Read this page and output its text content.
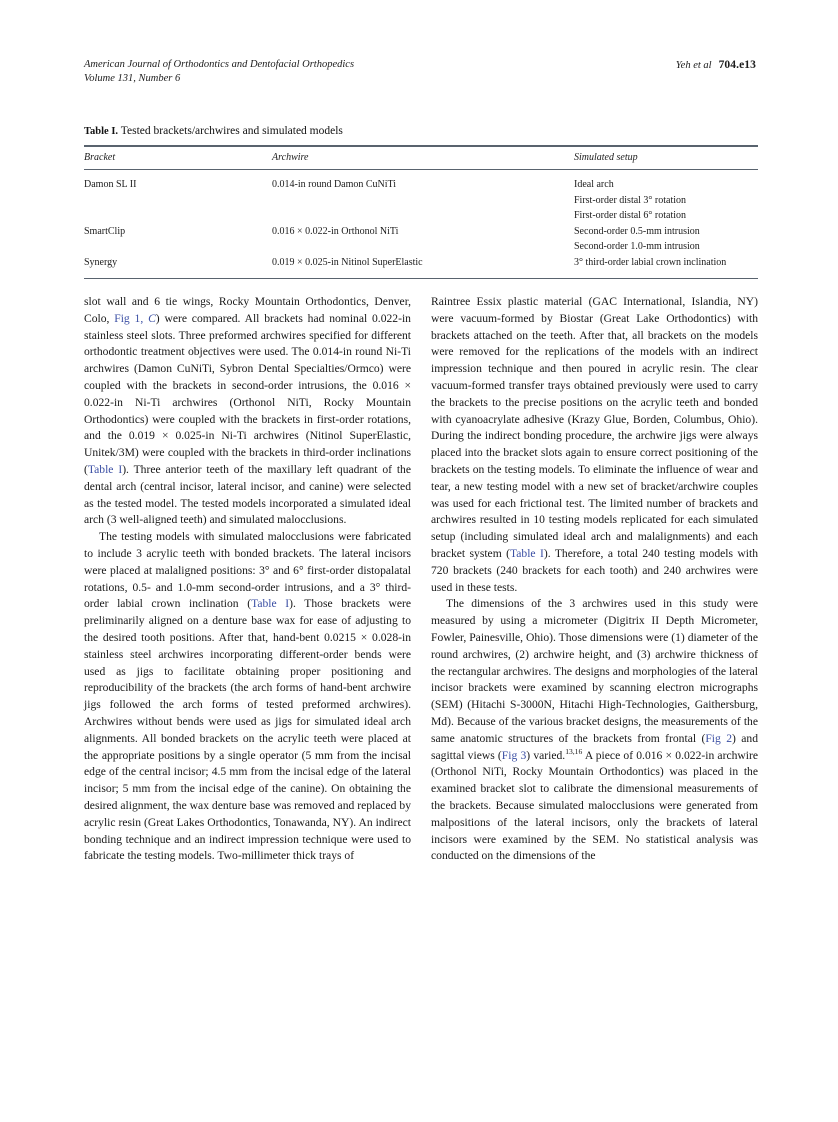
American Journal of Orthodontics and Dentofacial Orthopedics
Volume 131, Number 6
Yeh et al 704.e13
Table I. Tested brackets/archwires and simulated models
Bracket	Archwire	Simulated setup

Damon SL II	0.014-in round Damon CuNiTi	Ideal arch
First-order distal 3° rotation
First-order distal 6° rotation

SmartClip	0.016 × 0.022-in Orthonol NiTi	Second-order 0.5-mm intrusion
Second-order 1.0-mm intrusion

Synergy	0.019 × 0.025-in Nitinol SuperElastic	3° third-order labial crown inclination

slot wall and 6 tie wings, Rocky Mountain Orthodontics, Denver, Colo, Fig 1, C) were compared. All brackets had nominal 0.022-in stainless steel slots. Three preformed archwires specified for different orthodontic treatment objectives were used. The 0.014-in round Ni-Ti archwires (Damon CuNiTi, Sybron Dental Specialties/Ormco) were coupled with the brackets in second-order intrusions, the 0.016 × 0.022-in Ni-Ti archwires (Orthonol NiTi, Rocky Mountain Orthodontics) were coupled with the brackets in first-order rotations, and the 0.019 × 0.025-in Ni-Ti archwires (Nitinol SuperElastic, Unitek/3M) were coupled with the brackets in third-order inclinations (Table I). Three anterior teeth of the maxillary left quadrant of the dental arch (central incisor, lateral incisor, and canine) were selected as the tested model. The tested models incorporated a simulated ideal arch (3 well-aligned teeth) and simulated malocclusions.

The testing models with simulated malocclusions were fabricated to include 3 acrylic teeth with bonded brackets. The lateral incisors were placed at malaligned positions: 3° and 6° first-order distopalatal rotations, 0.5- and 1.0-mm second-order intrusions, and a 3° third-order labial crown inclination (Table I). Those brackets were preliminarily aligned on a denture base wax for ease of adjusting to the desired tooth positions. After that, hand-bent 0.0215 × 0.028-in stainless steel archwires incorporating different-order bends were used as jigs to facilitate obtaining proper positioning and reproducibility of the brackets (the arch forms of hand-bent archwire jigs followed the arch forms of tested preformed archwires). Archwires without bends were used as jigs for simulated ideal arch alignments. All bonded brackets on the acrylic teeth were placed at the appropriate positions by a single operator (5 mm from the incisal edge of the central incisor; 4.5 mm from the incisal edge of the lateral incisor; 5 mm from the incisal edge of the canine). On obtaining the desired alignment, the wax denture base was removed and replaced by acrylic resin (Great Lakes Orthodontics, Tonawanda, NY). An indirect bonding technique and an indirect impression technique were used to fabricate the testing models. Two-millimeter thick trays of

Raintree Essix plastic material (GAC International, Islandia, NY) were vacuum-formed by Biostar (Great Lake Orthodontics) with brackets attached on the teeth. After that, all brackets on the models were removed for the replications of the models with an indirect impression technique and then poured in acrylic resin. The clear vacuum-formed transfer trays obtained previously were used to carry the brackets to the precise positions on the acrylic teeth and bonded with cyanoacrylate adhesive (Krazy Glue, Borden, Columbus, Ohio). During the indirect bonding procedure, the archwire jigs were always placed into the bracket slots again to ensure correct positioning of the brackets on the testing models. To eliminate the influence of wear and tear, a new testing model with a new set of bracket/archwire couples was used for each frictional test. The limited number of brackets and archwires resulted in 10 testing models replicated for each simulated setup (including simulated ideal arch and malalignments) and each bracket system (Table I). Therefore, a total 240 testing models with 720 brackets (240 brackets for each tooth) and 240 archwires were used in these tests.

The dimensions of the 3 archwires used in this study were measured by using a micrometer (Digitrix II Depth Micrometer, Fowler, Painesville, Ohio). Those dimensions were (1) diameter of the round archwires, (2) archwire height, and (3) archwire thickness of the rectangular archwires. The designs and morphologies of the lateral incisor brackets were examined by scanning electron micrographs (SEM) (Hitachi S-3000N, Hitachi High-Technologies, Gaithersburg, Md). Because of the various bracket designs, the measurements of the same anatomic structures of the brackets from frontal (Fig 2) and sagittal views (Fig 3) varied.$^{13,16}$ A piece of 0.016 × 0.022-in archwire (Orthonol NiTi, Rocky Mountain Orthodontics) was placed in the examined bracket slot to calibrate the dimensional measurements of the brackets. Because simulated malocclusions were generated from malpositions of the lateral incisors, only the brackets of lateral incisors were examined by the SEM. No statistical analysis was conducted on the dimensions of the
